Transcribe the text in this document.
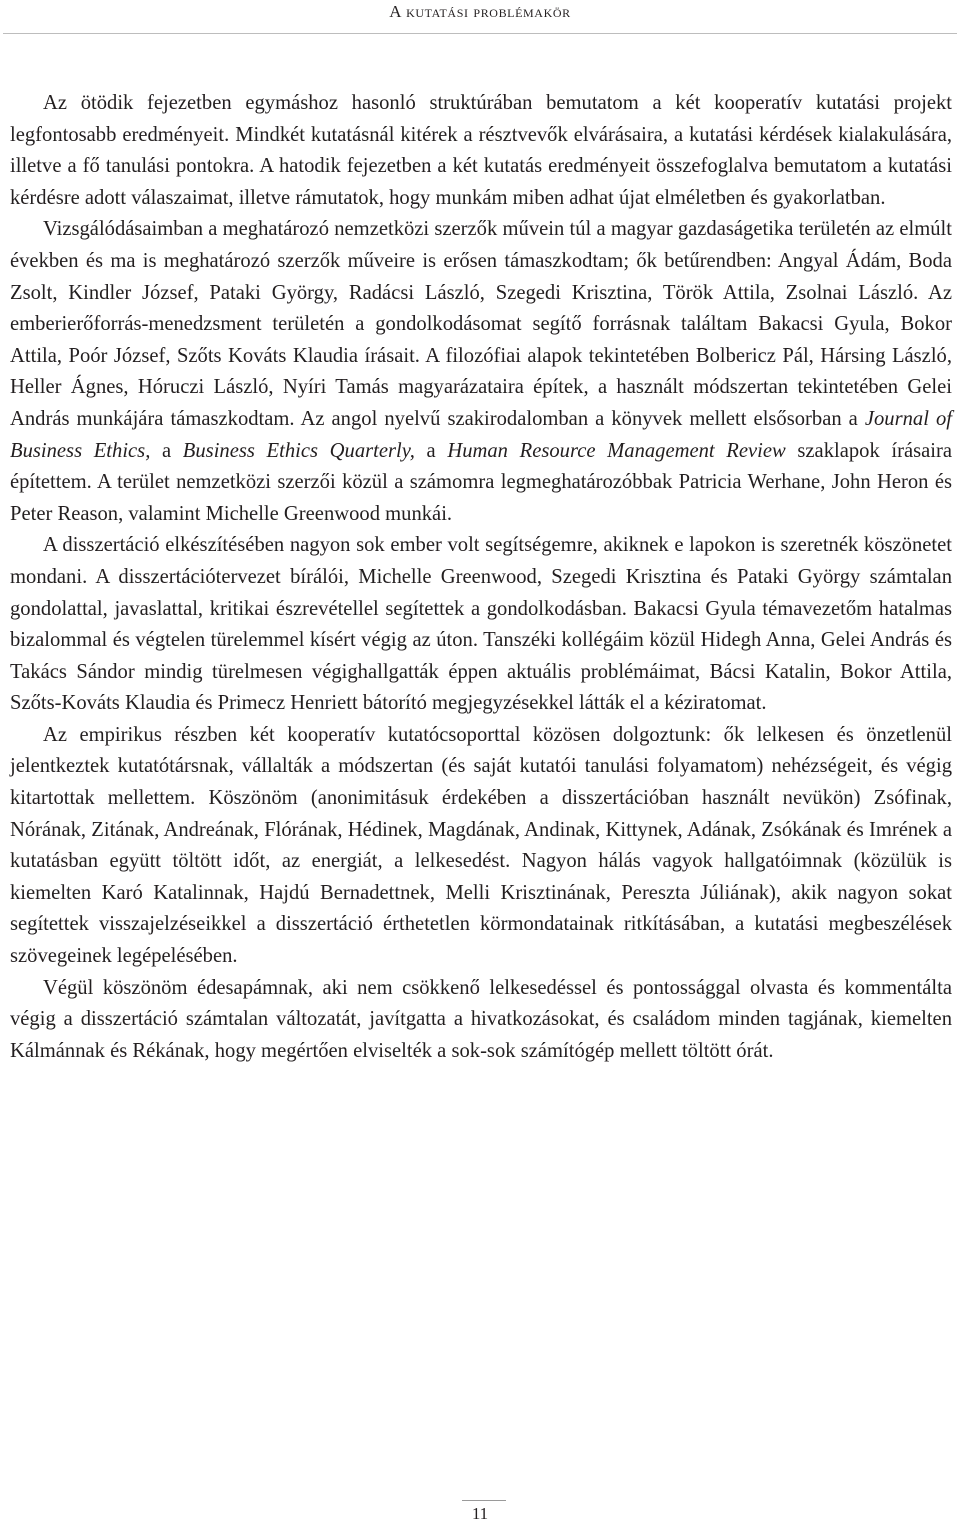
A kutatási problémakör

Az ötödik fejezetben egymáshoz hasonló struktúrában bemutatom a két kooperatív kutatási projekt legfontosabb eredményeit. Mindkét kutatásnál kitérek a résztvevők elvárásaira, a kutatási kérdések kialakulására, illetve a fő tanulási pontokra. A hatodik fejezetben a két kutatás eredményeit összefoglalva bemutatom a kutatási kérdésre adott válaszaimat, illetve rámutatok, hogy munkám miben adhat újat elméletben és gyakorlatban.

Vizsgálódásaimban a meghatározó nemzetközi szerzők művein túl a magyar gazdaságetika területén az elmúlt években és ma is meghatározó szerzők műveire is erősen támaszkodtam; ők betűrendben: Angyal Ádám, Boda Zsolt, Kindler József, Pataki György, Radácsi László, Szegedi Krisztina, Török Attila, Zsolnai László. Az emberierőforrás-menedzsment területén a gondolkodásomat segítő forrásnak találtam Bakacsi Gyula, Bokor Attila, Poór József, Szőts Kováts Klaudia írásait. A filozófiai alapok tekintetében Bolbericz Pál, Hársing László, Heller Ágnes, Hóruczi László, Nyíri Tamás magyarázataira építek, a használt módszertan tekintetében Gelei András munkájára támaszkodtam. Az angol nyelvű szakirodalomban a könyvek mellett elsősorban a Journal of Business Ethics, a Business Ethics Quarterly, a Human Resource Management Review szaklapok írásaira építettem. A terület nemzetközi szerzői közül a számomra legmeghatározóbbak Patricia Werhane, John Heron és Peter Reason, valamint Michelle Greenwood munkái.

A disszertáció elkészítésében nagyon sok ember volt segítségemre, akiknek e lapokon is szeretnék köszönetet mondani. A disszertációtervezet bírálói, Michelle Greenwood, Szegedi Krisztina és Pataki György számtalan gondolattal, javaslattal, kritikai észrevétellel segítettek a gondolkodásban. Bakacsi Gyula témavezetőm hatalmas bizalommal és végtelen türelemmel kísért végig az úton. Tanszéki kollégáim közül Hidegh Anna, Gelei András és Takács Sándor mindig türelmesen végighallgatták éppen aktuális problémáimat, Bácsi Katalin, Bokor Attila, Szőts-Kováts Klaudia és Primecz Henriett bátorító megjegyzésekkel látták el a kéziratomat.

Az empirikus részben két kooperatív kutatócsoporttal közösen dolgoztunk: ők lelkesen és önzetlenül jelentkeztek kutatótársnak, vállalták a módszertan (és saját kutatói tanulási folyamatom) nehézségeit, és végig kitartottak mellettem. Köszönöm (anonimitásuk érdekében a disszertációban használt nevükön) Zsófinak, Nórának, Zitának, Andreának, Flórának, Hédinek, Magdának, Andinak, Kittynek, Adának, Zsókának és Imrének a kutatásban együtt töltött időt, az energiát, a lelkesedést. Nagyon hálás vagyok hallgatóimnak (közülük is kiemelten Karó Katalinnak, Hajdú Bernadettnek, Melli Krisztinának, Pereszta Júliának), akik nagyon sokat segítettek visszajelzéseikkel a disszertáció érthetetlen körmondatainak ritkításában, a kutatási megbeszélések szövegeinek legépelésében.

Végül köszönöm édesapámnak, aki nem csökkenő lelkesedéssel és pontossággal olvasta és kommentálta végig a disszertáció számtalan változatát, javítgatta a hivatkozásokat, és családom minden tagjának, kiemelten Kálmánnak és Rékának, hogy megértően elviselték a sok-sok számítógép mellett töltött órát.

11
